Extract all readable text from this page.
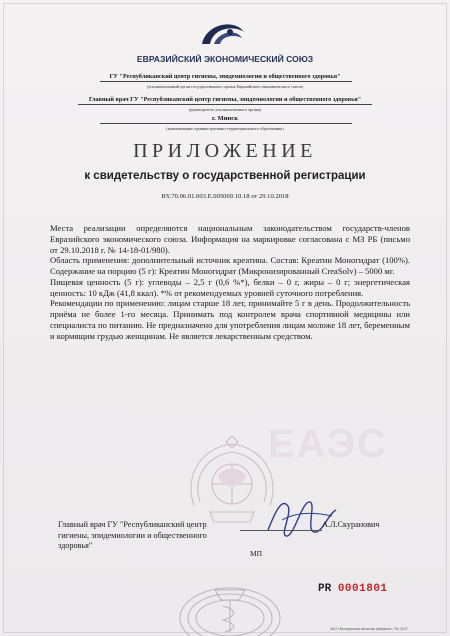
ЕАЭС
ЕВРАЗИЙСКИЙ ЭКОНОМИЧЕСКИЙ СОЮЗ
ГУ "Республиканский центр гигиены, эпидемиологии и общественного здоровья"
(уполномоченный орган государственного органа Евразийского экономического союза)
Главный врач ГУ "Республиканский центр гигиены, эпидемиологии и общественного здоровья"
(руководитель уполномоченного органа)
г. Минск
(наименование административно-территориального образования)
ПРИЛОЖЕНИЕ
к свидетельству о государственной регистрации
BY.70.06.01.003.E.005069.10.18 от 29.10.2018

Места реализации определяются национальным законодательством государств-членов Евразийского экономического союза. Информация на маркировке согласована с МЗ РБ (письмо от 29.10.2018 г. № 14-18-01/980).

Область применения: дополнительный источник креатина. Состав: Креатин Моногидрат (100%). Содержание на порцию (5 г): Креатин Моногидрат (Микронизированный CreaSolv) – 5000 мг.

Пищевая ценность (5 г): углеводы – 2,5 г (0,6 %*), белки – 0 г, жиры – 0 г; энергетическая ценность: 10 кДж (41,8 ккал). *% от рекомендуемых уровней суточного потребления.

Рекомендации по применению: лицам старше 18 лет, принимайте 5 г в день. Продолжительность приёма не более 1-го месяца. Принимать под контролем врача спортивной медицины или специалиста по питанию. Не предназначено для употребления лицам моложе 18 лет, беременным и кормящим грудью женщинам. Не является лекарственным средством.

Главный врач ГУ "Республиканский центр
гигиены, эпидемиологии и общественного
здоровья"
А.Л.Скуранович
МП
PR 0001801
ЗАО «Белорусская печатная фабрика», ТМ, 2017
